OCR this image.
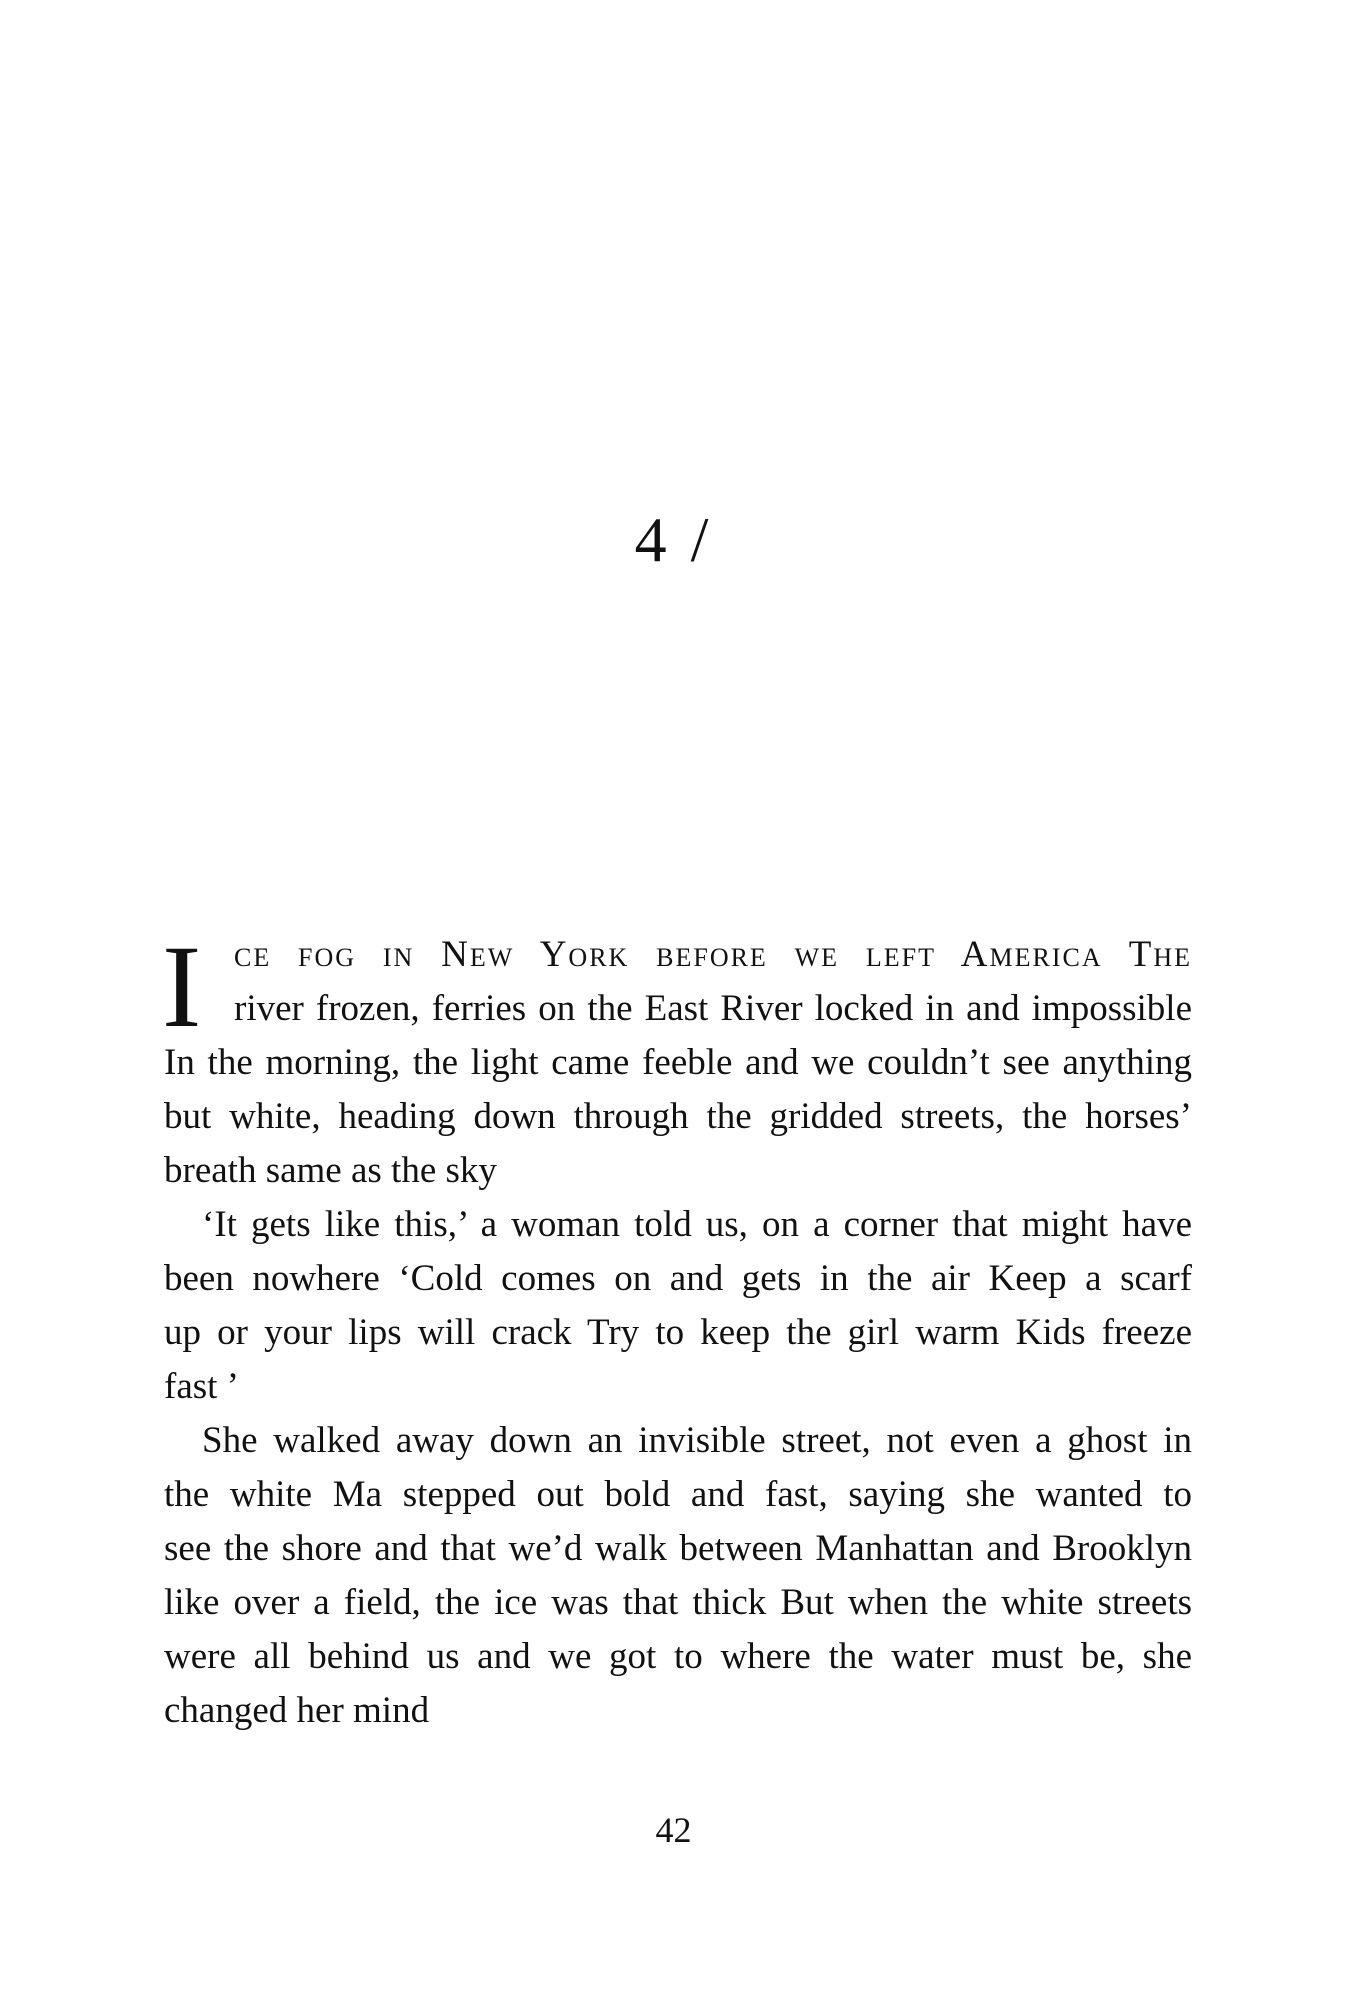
4 /
I ce fog in New York before we left America The
river frozen, ferries on the East River locked in and impossible
In the morning, the light came feeble and we couldn’t see anything
but white, heading down through the gridded streets, the horses’
breath same as the sky
‘It gets like this,’ a woman told us, on a corner that might have
been nowhere ‘Cold comes on and gets in the air Keep a scarf
up or your lips will crack Try to keep the girl warm Kids freeze
fast ’
She walked away down an invisible street, not even a ghost in
the white Ma stepped out bold and fast, saying she wanted to
see the shore and that we’d walk between Manhattan and Brooklyn
like over a field, the ice was that thick But when the white streets
were all behind us and we got to where the water must be, she
changed her mind
42
